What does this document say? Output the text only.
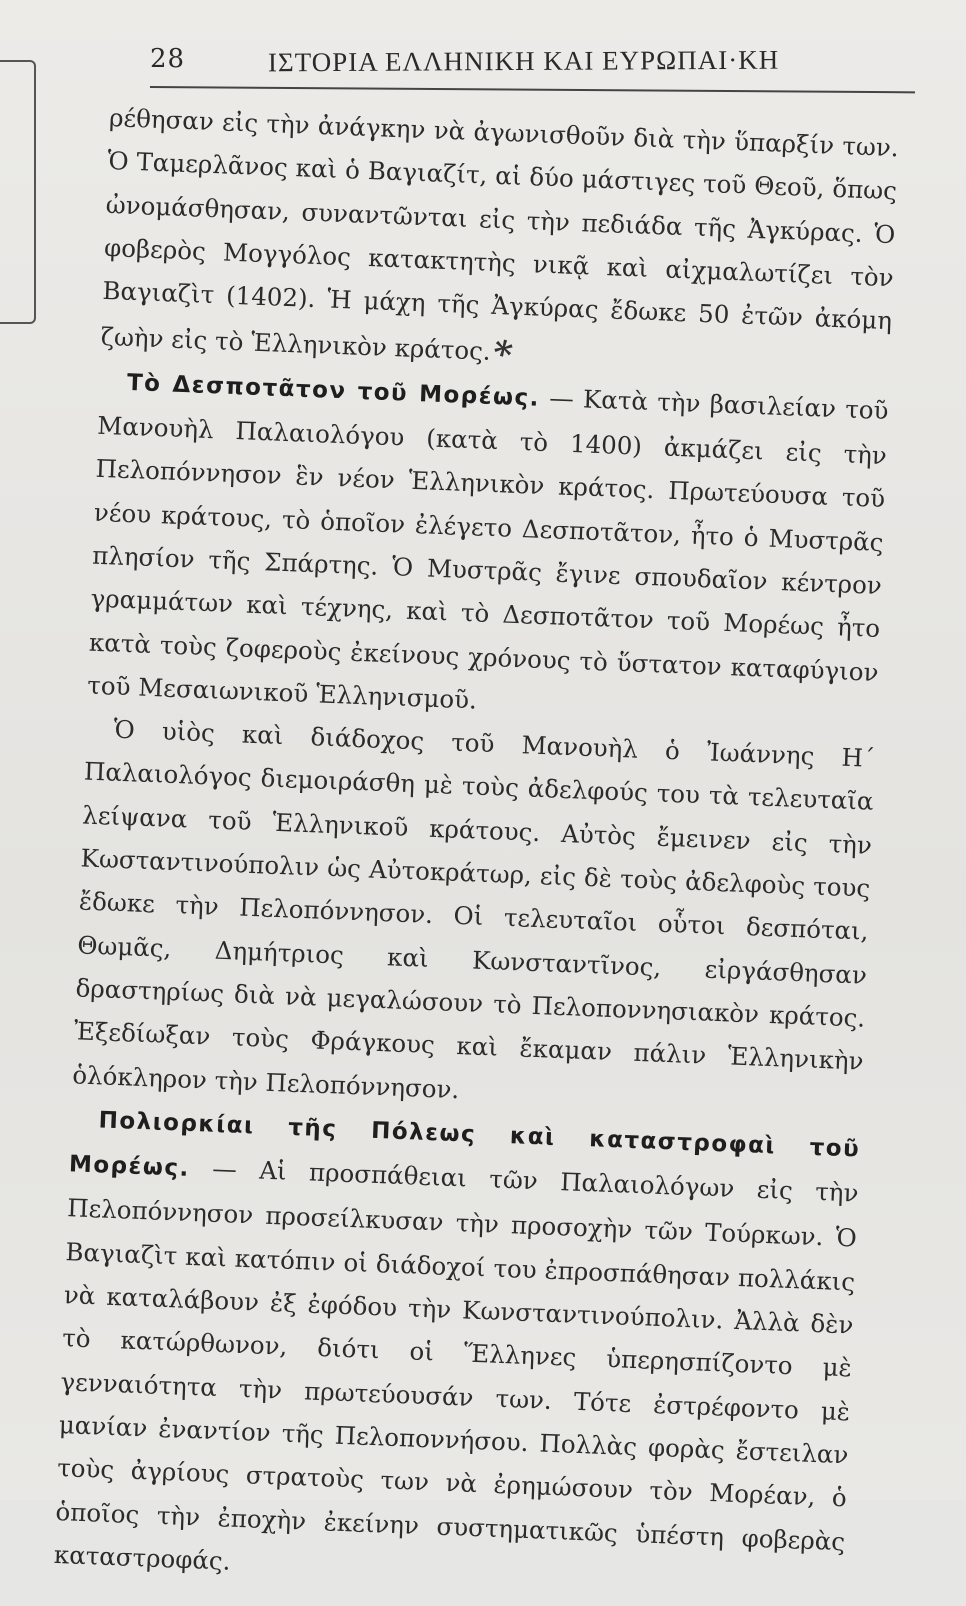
28	ΙΣΤΟΡΙΑ ΕΛΛΗΝΙΚΗ ΚΑΙ ΕΥΡΩΠΑΙ·ΚΗ

ρέθησαν εἰς τὴν ἀνάγκην νὰ ἀγωνισθοῦν διὰ τὴν ὕπαρξίν των. Ὁ Ταμερλᾶνος καὶ ὁ Βαγιαζίτ, αἱ δύο μάστιγες τοῦ Θεοῦ, ὅπως ὠνομάσθησαν, συναντῶνται εἰς τὴν πεδιάδα τῆς Ἀγκύρας. Ὁ φοβερὸς Μογγόλος κατακτητὴς νικᾷ καὶ αἰχμαλωτίζει τὸν Βαγιαζὶτ (1402). Ἡ μάχη τῆς Ἀγκύρας ἔδωκε 50 ἐτῶν ἀκόμη ζωὴν εἰς τὸ Ἑλληνικὸν κράτος.*

Τὸ Δεσποτᾶτον τοῦ Μορέως. — Κατὰ τὴν βασιλείαν τοῦ Μανουὴλ Παλαιολόγου (κατὰ τὸ 1400) ἀκμάζει εἰς τὴν Πελοπόννησον ἓν νέον Ἑλληνικὸν κράτος. Πρωτεύουσα τοῦ νέου κράτους, τὸ ὁποῖον ἐλέγετο Δεσποτᾶτον, ἦτο ὁ Μυστρᾶς πλησίον τῆς Σπάρτης. Ὁ Μυστρᾶς ἔγινε σπουδαῖον κέντρον γραμμάτων καὶ τέχνης, καὶ τὸ Δεσποτᾶτον τοῦ Μορέως ἦτο κατὰ τοὺς ζοφεροὺς ἐκείνους χρόνους τὸ ὕστατον καταφύγιον τοῦ Μεσαιωνικοῦ Ἑλληνισμοῦ.

Ὁ υἱὸς καὶ διάδοχος τοῦ Μανουὴλ ὁ Ἰωάννης Η΄ Παλαιολόγος διεμοιράσθη μὲ τοὺς ἀδελφούς του τὰ τελευταῖα λείψανα τοῦ Ἑλληνικοῦ κράτους. Αὐτὸς ἔμεινεν εἰς τὴν Κωσταντινούπολιν ὡς Αὐτοκράτωρ, εἰς δὲ τοὺς ἀδελφοὺς τους ἔδωκε τὴν Πελοπόννησον. Οἱ τελευταῖοι οὗτοι δεσπόται, Θωμᾶς, Δημήτριος καὶ Κωνσταντῖνος, εἰργάσθησαν δραστηρίως διὰ νὰ μεγαλώσουν τὸ Πελοποννησιακὸν κράτος. Ἐξεδίωξαν τοὺς Φράγκους καὶ ἔκαμαν πάλιν Ἑλληνικὴν ὁλόκληρον τὴν Πελοπόννησον.

Πολιορκίαι τῆς Πόλεως καὶ καταστροφαὶ τοῦ Μορέως. — Αἱ προσπάθειαι τῶν Παλαιολόγων εἰς τὴν Πελοπόννησον προσείλκυσαν τὴν προσοχὴν τῶν Τούρκων. Ὁ Βαγιαζὶτ καὶ κατόπιν οἱ διάδοχοί του ἐπροσπάθησαν πολλάκις νὰ καταλάβουν ἐξ ἐφόδου τὴν Κωνσταντινούπολιν. Ἀλλὰ δὲν τὸ κατώρθωνον, διότι οἱ Ἕλληνες ὑπερησπίζοντο μὲ γενναιότητα τὴν πρωτεύουσάν των. Τότε ἐστρέφοντο μὲ μανίαν ἐναντίον τῆς Πελοποννήσου. Πολλὰς φορὰς ἔστειλαν τοὺς ἀγρίους στρατοὺς των νὰ ἐρημώσουν τὸν Μορέαν, ὁ ὁποῖος τὴν ἐποχὴν ἐκείνην συστηματικῶς ὑπέστη φοβερὰς καταστροφάς.
